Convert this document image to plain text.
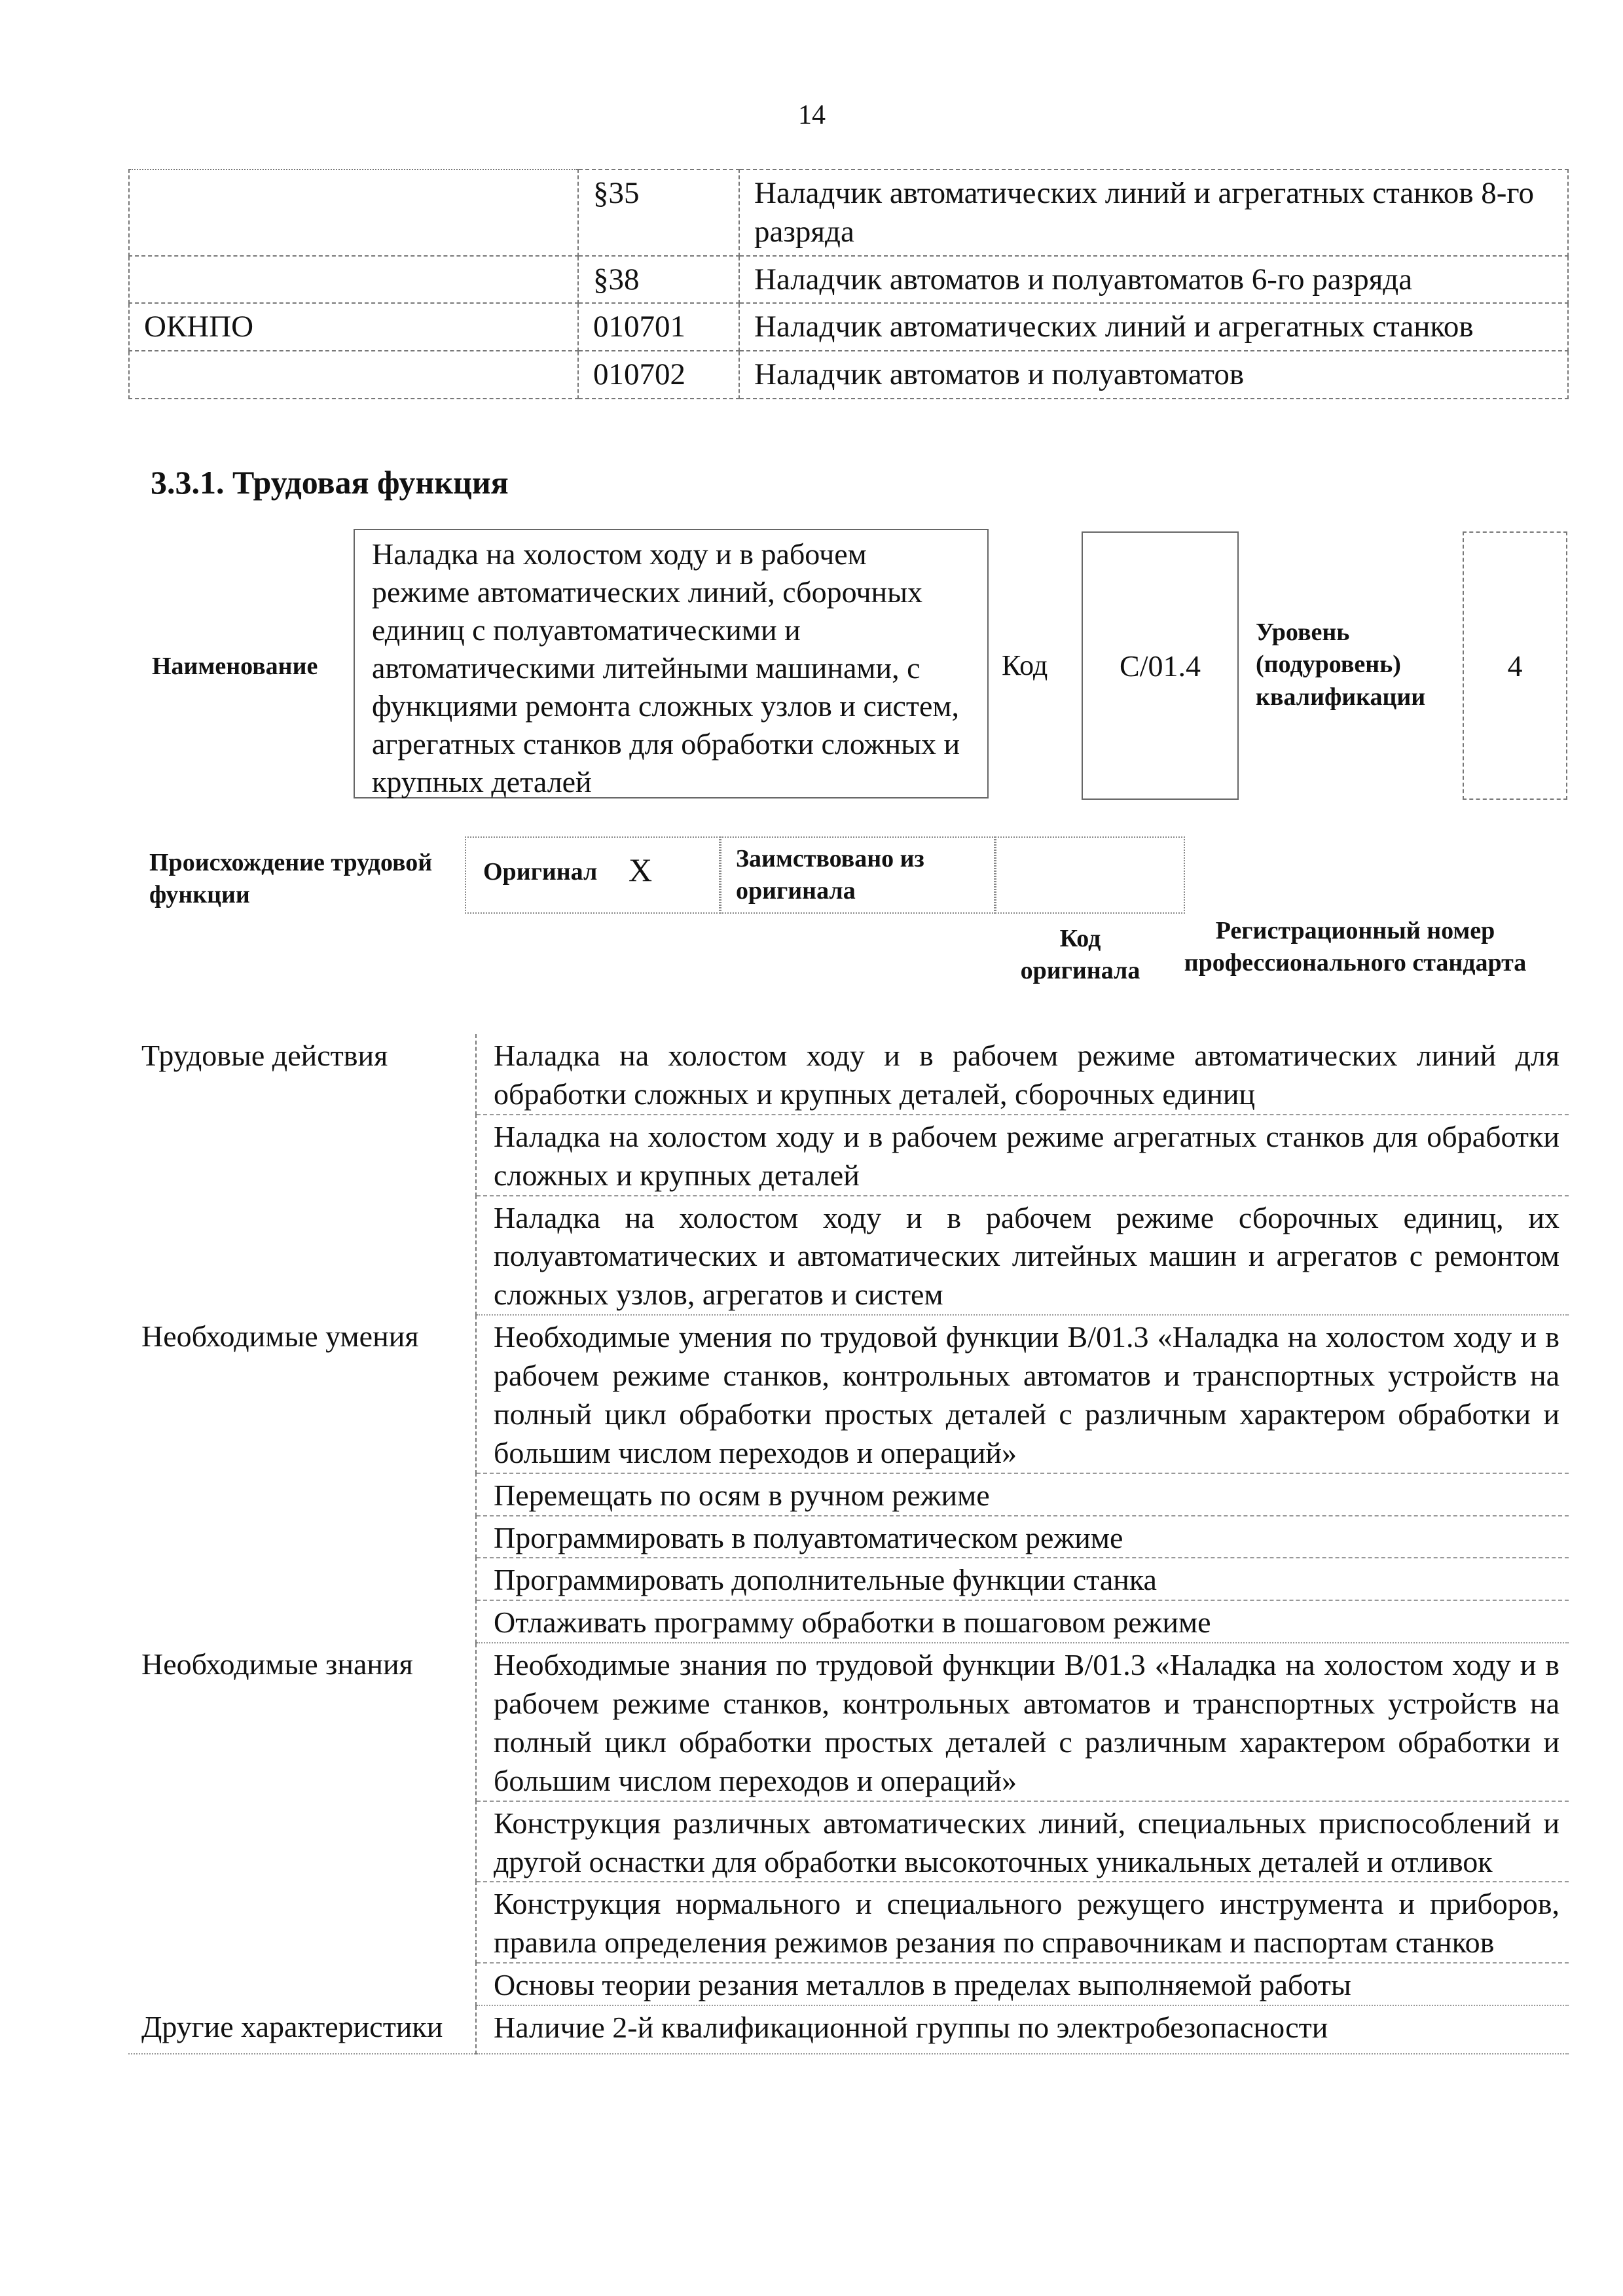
14
	§35	Наладчик автоматических линий и агрегатных станков 8-го разряда
	§38	Наладчик автоматов и полуавтоматов 6-го разряда
ОКНПО	010701	Наладчик автоматических линий и агрегатных станков
	010702	Наладчик автоматов и полуавтоматов
3.3.1. Трудовая функция
Наименование
Наладка на холостом ходу и в рабочем режиме автоматических линий, сборочных единиц с полуавтоматическими и автоматическими литейными машинами, с функциями ремонта сложных узлов и систем, агрегатных станков для обработки сложных и крупных деталей
Код	С/01.4
Уровень (подуровень) квалификации
4
Происхождение трудовой функции
Оригинал X	Заимствовано из оригинала
Код оригинала
Регистрационный номер профессионального стандарта
Трудовые действия	Наладка на холостом ходу и в рабочем режиме автоматических линий для обработки сложных и крупных деталей, сборочных единиц
	Наладка на холостом ходу и в рабочем режиме агрегатных станков для обработки сложных и крупных деталей
	Наладка на холостом ходу и в рабочем режиме сборочных единиц, их полуавтоматических и автоматических литейных машин и агрегатов с ремонтом сложных узлов, агрегатов и систем
Необходимые умения	Необходимые умения по трудовой функции В/01.3 «Наладка на холостом ходу и в рабочем режиме станков, контрольных автоматов и транспортных устройств на полный цикл обработки простых деталей с различным характером обработки и большим числом переходов и операций»
	Перемещать по осям в ручном режиме
	Программировать в полуавтоматическом режиме
	Программировать дополнительные функции станка
	Отлаживать программу обработки в пошаговом режиме
Необходимые знания	Необходимые знания по трудовой функции В/01.3 «Наладка на холостом ходу и в рабочем режиме станков, контрольных автоматов и транспортных устройств на полный цикл обработки простых деталей с различным характером обработки и большим числом переходов и операций»
	Конструкция различных автоматических линий, специальных приспособлений и другой оснастки для обработки высокоточных уникальных деталей и отливок
	Конструкция нормального и специального режущего инструмента и приборов, правила определения режимов резания по справочникам и паспортам станков
	Основы теории резания металлов в пределах выполняемой работы
Другие характеристики	Наличие 2-й квалификационной группы по электробезопасности
